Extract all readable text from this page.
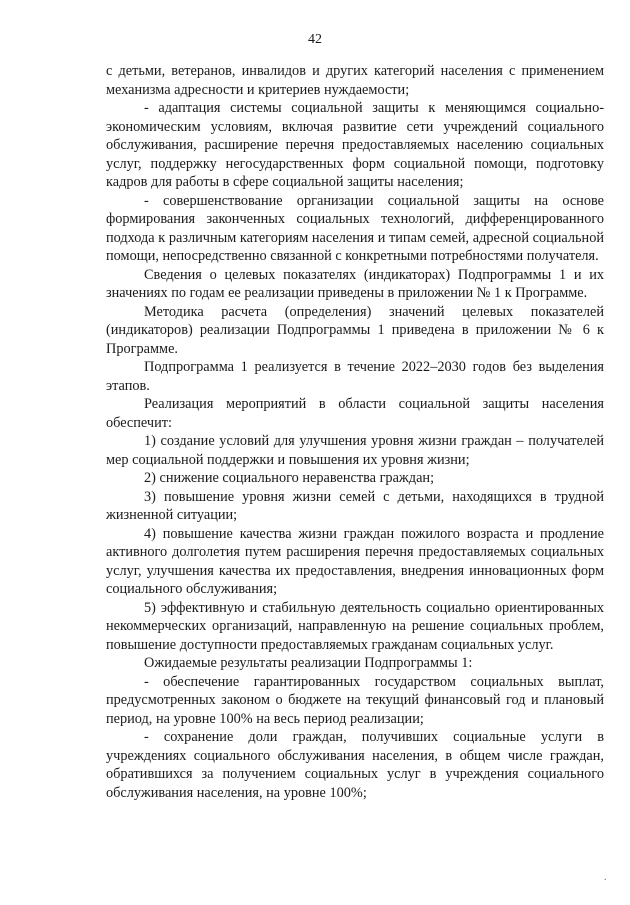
42

с детьми, ветеранов, инвалидов и других категорий населения с применением механизма адресности и критериев нуждаемости;

- адаптация системы социальной защиты к меняющимся социально-экономическим условиям, включая развитие сети учреждений социального обслуживания, расширение перечня предоставляемых населению социальных услуг, поддержку негосударственных форм социальной помощи, подготовку кадров для работы в сфере социальной защиты населения;

- совершенствование организации социальной защиты на основе формирования законченных социальных технологий, дифференцированного подхода к различным категориям населения и типам семей, адресной социальной помощи, непосредственно связанной с конкретными потребностями получателя.

Сведения о целевых показателях (индикаторах) Подпрограммы 1 и их значениях по годам ее реализации приведены в приложении № 1 к Программе.

Методика расчета (определения) значений целевых показателей (индикаторов) реализации Подпрограммы 1 приведена в приложении № 6 к Программе.

Подпрограмма 1 реализуется в течение 2022–2030 годов без выделения этапов.

Реализация мероприятий в области социальной защиты населения обеспечит:

1) создание условий для улучшения уровня жизни граждан – получателей мер социальной поддержки и повышения их уровня жизни;

2) снижение социального неравенства граждан;

3) повышение уровня жизни семей с детьми, находящихся в трудной жизненной ситуации;

4) повышение качества жизни граждан пожилого возраста и продление активного долголетия путем расширения перечня предоставляемых социальных услуг, улучшения качества их предоставления, внедрения инновационных форм социального обслуживания;

5) эффективную и стабильную деятельность социально ориентированных некоммерческих организаций, направленную на решение социальных проблем, повышение доступности предоставляемых гражданам социальных услуг.

Ожидаемые результаты реализации Подпрограммы 1:

- обеспечение гарантированных государством социальных выплат, предусмотренных законом о бюджете на текущий финансовый год и плановый период, на уровне 100% на весь период реализации;

- сохранение доли граждан, получивших социальные услуги в учреждениях социального обслуживания населения, в общем числе граждан, обратившихся за получением социальных услуг в учреждения социального обслуживания населения, на уровне 100%;

.
